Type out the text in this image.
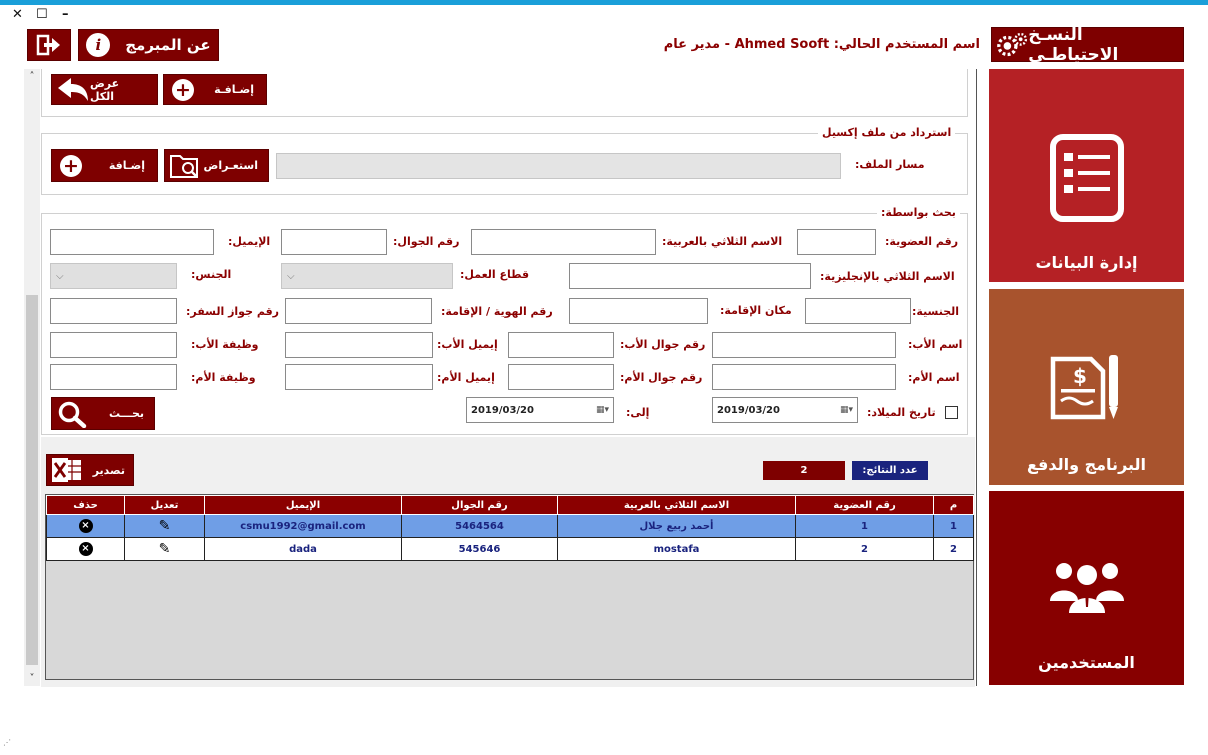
✕ ☐ –
i	عن المبرمج	اسم المستخدم الحالي: Ahmed Sooft - مدير عام	النسـخ الاحتياطـي
˄
˅
عرض الكل	+ إضـافـة
استرداد من ملف إكسيل
مسار الملف:
استعـراض
+	إضـافة
بحث بواسطة:
رقم العضوية:
الاسم الثلاثي بالعربية:
رقم الجوال:
الإيميل:
الاسم الثلاثي بالإنجليزية:
قطاع العمل:
⌵
الجنس:
⌵
الجنسية:
مكان الإقامة:
رقم الهوية / الإقامة:
رقم جواز السفر:
اسم الأب:
رقم جوال الأب:
إيميل الأب:
وظيفة الأب:
اسم الأم:
رقم جوال الأم:
إيميل الأم:
وظيفة الأم:
تاريخ الميلاد:
2019/03/20	▦▾
إلى:
2019/03/20	▦▾
بحـــث
تصدير	عدد النتائج:
2
حذف	تعديل	الإيميل	رقم الجوال	الاسم الثلاثي بالعربية	رقم العضوية	م
×	✎	csmu1992@gmail.com	5464564	أحمد ربيع جلال	1	1
×	✎	dada	545646	mostafa	2	2
إدارة البيانات
$
البرنامج والدفع
المستخدمين
⋰
